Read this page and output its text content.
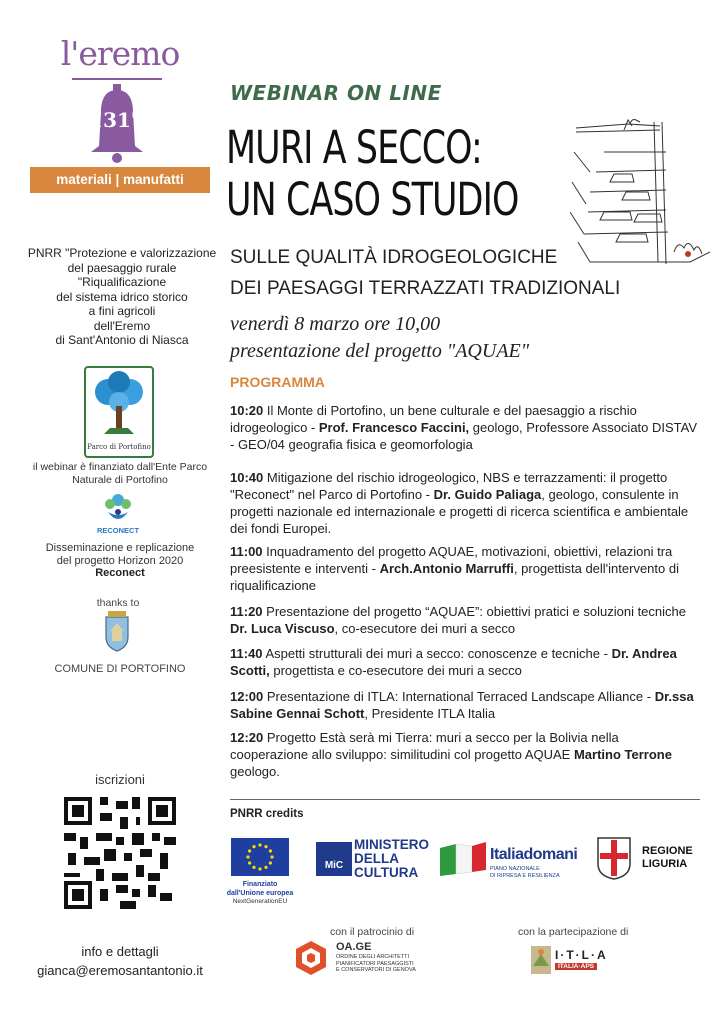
l'eremo
1317
materiali | manufatti
PNRR "Protezione e valorizzazione
del paesaggio rurale
"Riqualificazione
del sistema idrico storico
a fini agricoli
dell'Eremo
di Sant'Antonio di Niasca
Parco di Portofino
il webinar è finanziato dall'Ente Parco
Naturale di Portofino
RECONECT
Disseminazione e replicazione
del progetto Horizon 2020
Reconect
thanks to
COMUNE DI PORTOFINO
iscrizioni
info e dettagli
gianca@eremosantantonio.it
WEBINAR ON LINE
MURI A SECCO:
UN CASO STUDIO
SULLE QUALITÀ IDROGEOLOGICHE
DEI PAESAGGI TERRAZZATI TRADIZIONALI
venerdì 8 marzo ore 10,00
presentazione del progetto "AQUAE"
PROGRAMMA
10:20 Il Monte di Portofino, un bene culturale e del paesaggio a rischio idrogeologico - Prof. Francesco Faccini, geologo, Professore Associato DISTAV - GEO/04 geografia fisica e geomorfologia
10:40 Mitigazione del rischio idrogeologico, NBS e terrazzamenti: il progetto "Reconect" nel Parco di Portofino - Dr. Guido Paliaga, geologo, consulente in progetti nazionale ed internazionale e progetti di ricerca scientifica e ambientale dei fondi Europei.
11:00 Inquadramento del progetto AQUAE, motivazioni, obiettivi, relazioni tra preesistente e interventi - Arch.Antonio Marruffi, progettista dell'intervento di riqualificazione
11:20 Presentazione del progetto “AQUAE”: obiettivi pratici e soluzioni tecniche Dr. Luca Viscuso, co-esecutore dei muri a secco
11:40 Aspetti strutturali dei muri a secco: conoscenze e tecniche - Dr. Andrea Scotti, progettista e co-esecutore dei muri a secco
12:00 Presentazione di ITLA: International Terraced Landscape Alliance - Dr.ssa Sabine Gennai Schott, Presidente ITLA Italia
12:20 Progetto Està serà mi Tierra: muri a secco per la Bolivia nella cooperazione allo sviluppo: similitudini col progetto AQUAE Martino Terrone geologo.
PNRR credits
Finanziato
dall'Unione europea
NextGenerationEU
MiC
MINISTERO
DELLA
CULTURA
Italiadomani
PIANO NAZIONALE
DI RIPRESA E RESILIENZA
REGIONE
LIGURIA
con il patrocinio di	con la partecipazione di
OA.GE
ORDINE DEGLI ARCHITETTI
PIANIFICATORI PAESAGGISTI
E CONSERVATORI DI GENOVA
I·T·L·A
ITALIA·APS
